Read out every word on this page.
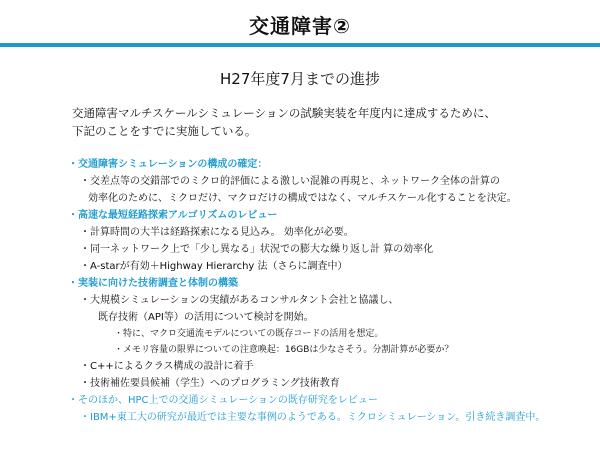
交通障害②
H27年度7月までの進捗
交通障害マルチスケールシミュレーションの試験実装を年度内に達成するために、
下記のことをすでに実施している。
・交通障害シミュレーションの構成の確定：
・交差点等の交錯部でのミクロ的評価による激しい混雑の再現と、ネットワーク全体の計算の
効率化のために、ミクロだけ、マクロだけの構成ではなく、マルチスケール化することを決定。
・高速な最短経路探索アルゴリズムのレビュー
・計算時間の大半は経路探索になる見込み。 効率化が必要。
・同一ネットワーク上で「少し異なる」状況での膨大な繰り返し計 算の効率化
・A-starが有効＋Highway Hierarchy 法（さらに調査中）
・実装に向けた技術調査と体制の構築
・大規模シミュレーションの実績があるコンサルタント会社と協議し、
既存技術（API等）の活用について検討を開始。
・特に、マクロ交通流モデルについての既存コードの活用を想定。
・メモリ容量の限界についての注意喚起：16GBは少なさそう。分割計算が必要か？
・C++によるクラス構成の設計に着手
・技術補佐要員候補（学生）へのプログラミング技術教育
・そのほか、HPC上での交通シミュレーションの既存研究をレビュー
・IBM+東工大の研究が最近では主要な事例のようである。ミクロシミュレーション。引き続き調査中。
